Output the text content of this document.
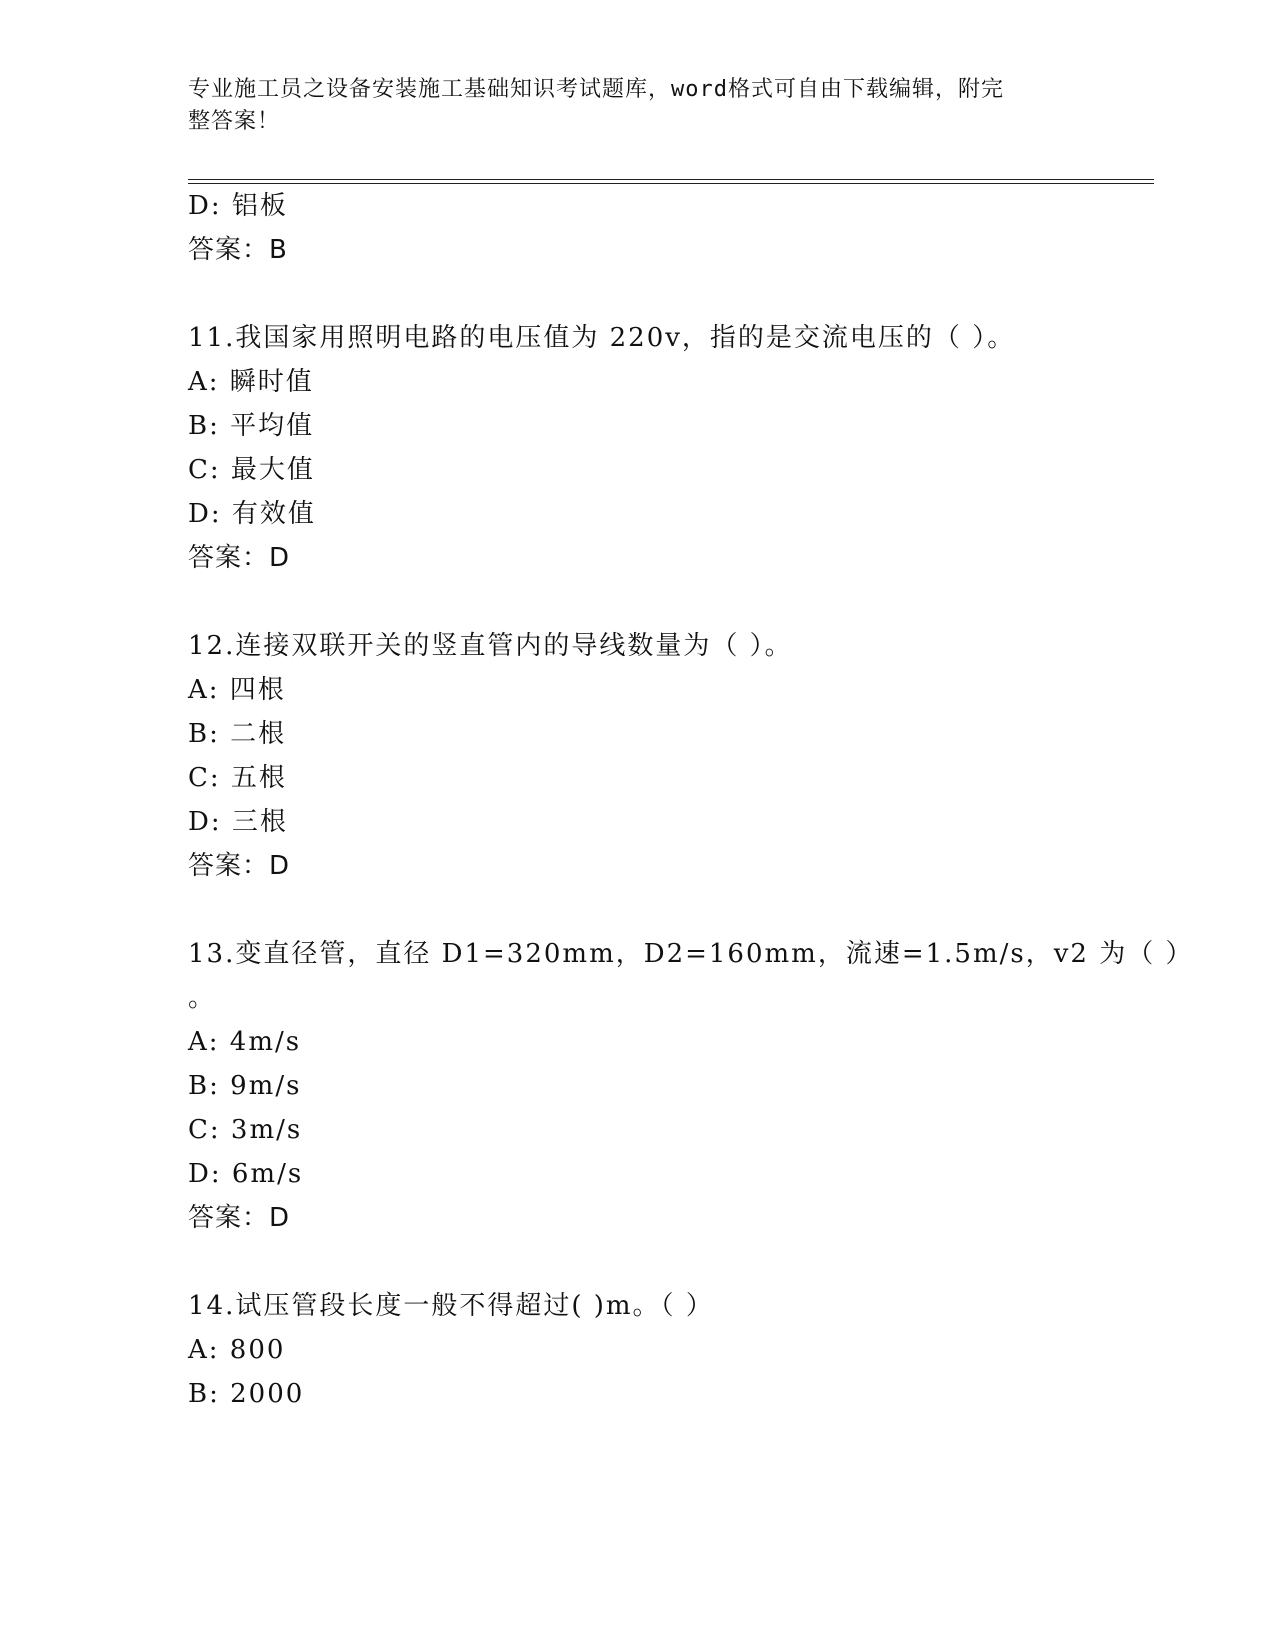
专业施工员之设备安装施工基础知识考试题库，word格式可自由下载编辑，附完
整答案！
D: 铝板
答案：B
11.我国家用照明电路的电压值为 220v，指的是交流电压的（ ）。
A: 瞬时值
B: 平均值
C: 最大值
D: 有效值
答案：D
12.连接双联开关的竖直管内的导线数量为（ ）。
A: 四根
B: 二根
C: 五根
D: 三根
答案：D
13.变直径管，直径 D1=320mm，D2=160mm，流速=1.5m/s，v2 为（ ）
。
A: 4m/s
B: 9m/s
C: 3m/s
D: 6m/s
答案：D
14.试压管段长度一般不得超过( )m。（ ）
A: 800
B: 2000
